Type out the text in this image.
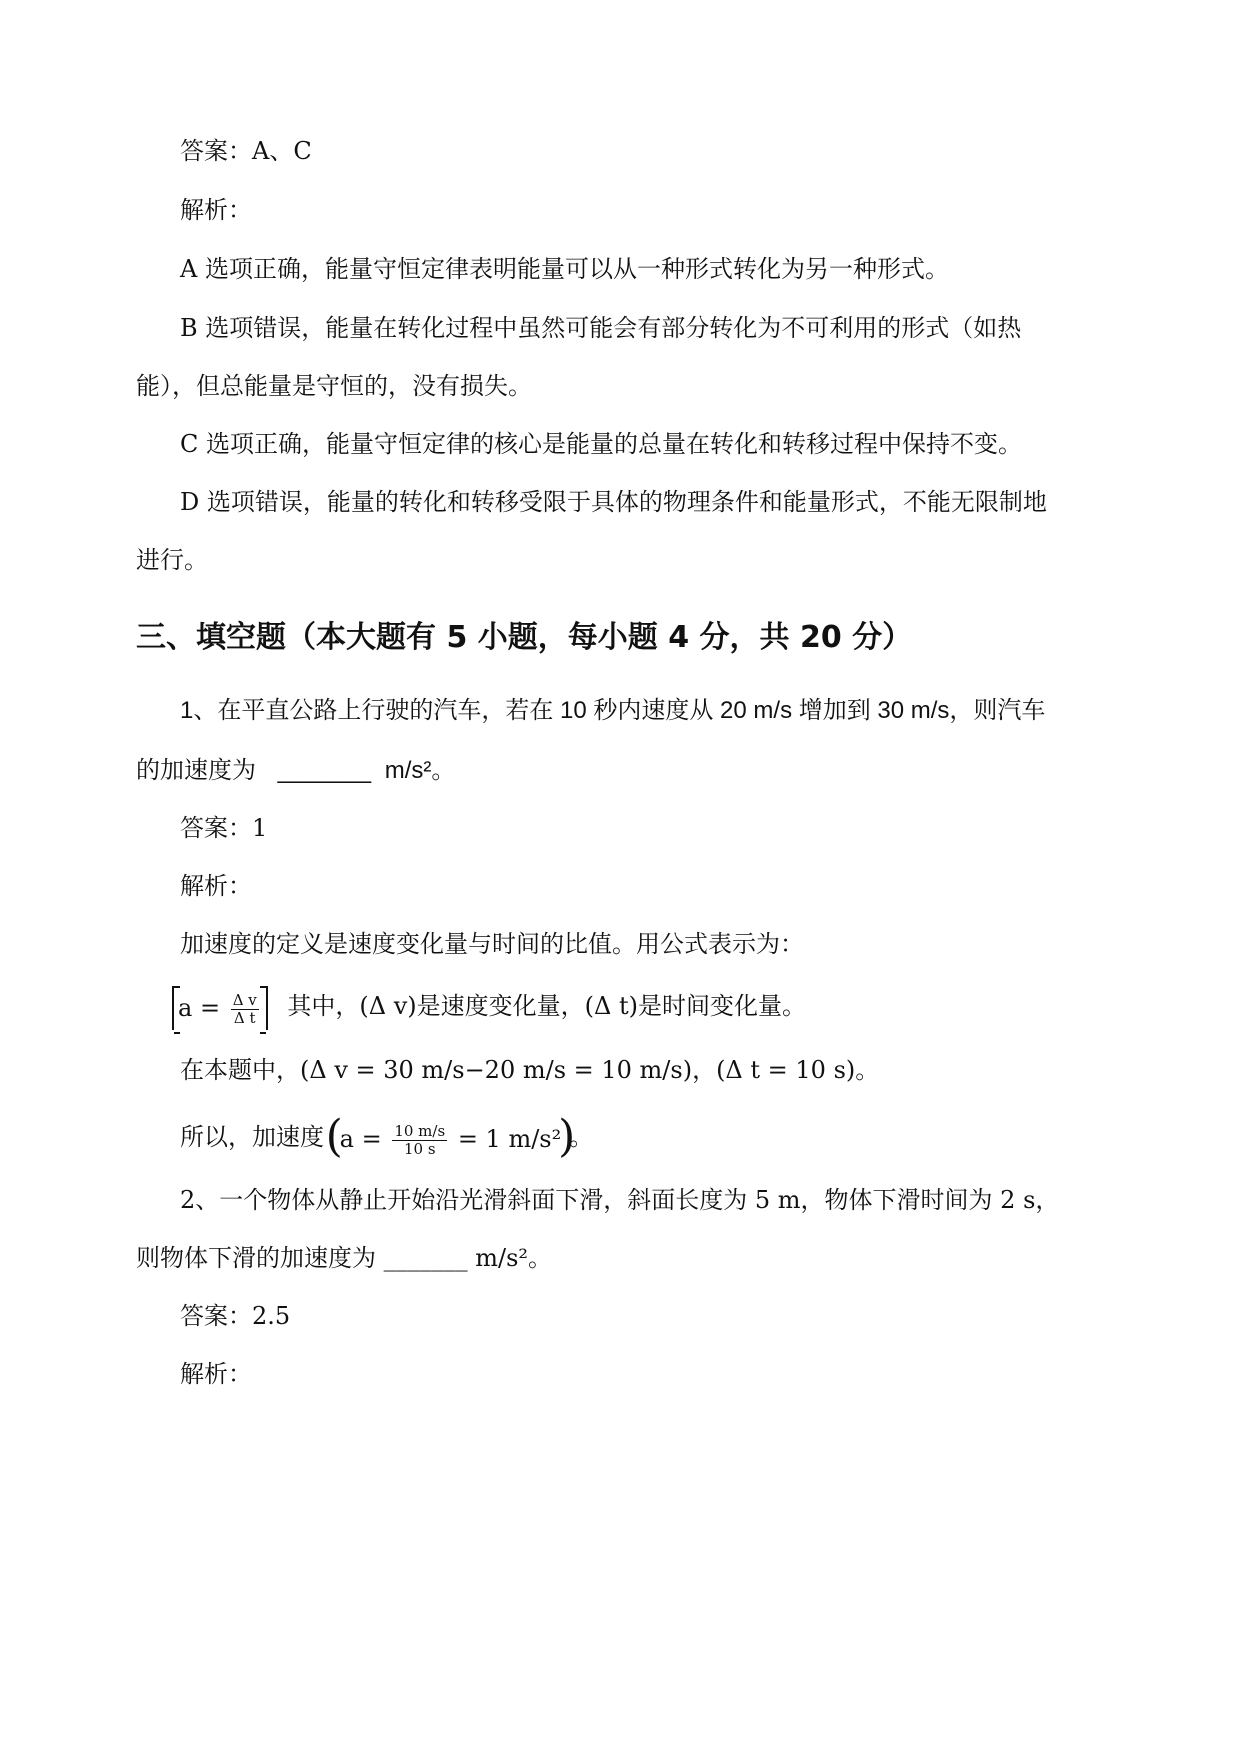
答案：A、C
解析：
A 选项正确，能量守恒定律表明能量可以从一种形式转化为另一种形式。
B 选项错误，能量在转化过程中虽然可能会有部分转化为不可利用的形式（如热
能），但总能量是守恒的，没有损失。
C 选项正确，能量守恒定律的核心是能量的总量在转化和转移过程中保持不变。
D 选项错误，能量的转化和转移受限于具体的物理条件和能量形式，不能无限制地
进行。
三、填空题（本大题有 5 小题，每小题 4 分，共 20 分）
1、在平直公路上行驶的汽车，若在 10 秒内速度从 20 m/s 增加到 30 m/s，则汽车
的加速度为 _______ m/s²。
答案：1
解析：
加速度的定义是速度变化量与时间的比值。用公式表示为：
$a = \frac{\text{Δ v}}{\text{Δ t}}$ 其中，(Δ v)是速度变化量，(Δ t)是时间变化量。
在本题中，(Δ v = 30 m/s−20 m/s = 10 m/s)，(Δ t = 10 s)。
所以，加速度 (
$a = \frac{10 m/s}{10 s} = 1$ m/s²
)
。
2、一个物体从静止开始沿光滑斜面下滑，斜面长度为 5 m，物体下滑时间为 2 s，
则物体下滑的加速度为 _______ m/s²。
答案：2.5
解析：
